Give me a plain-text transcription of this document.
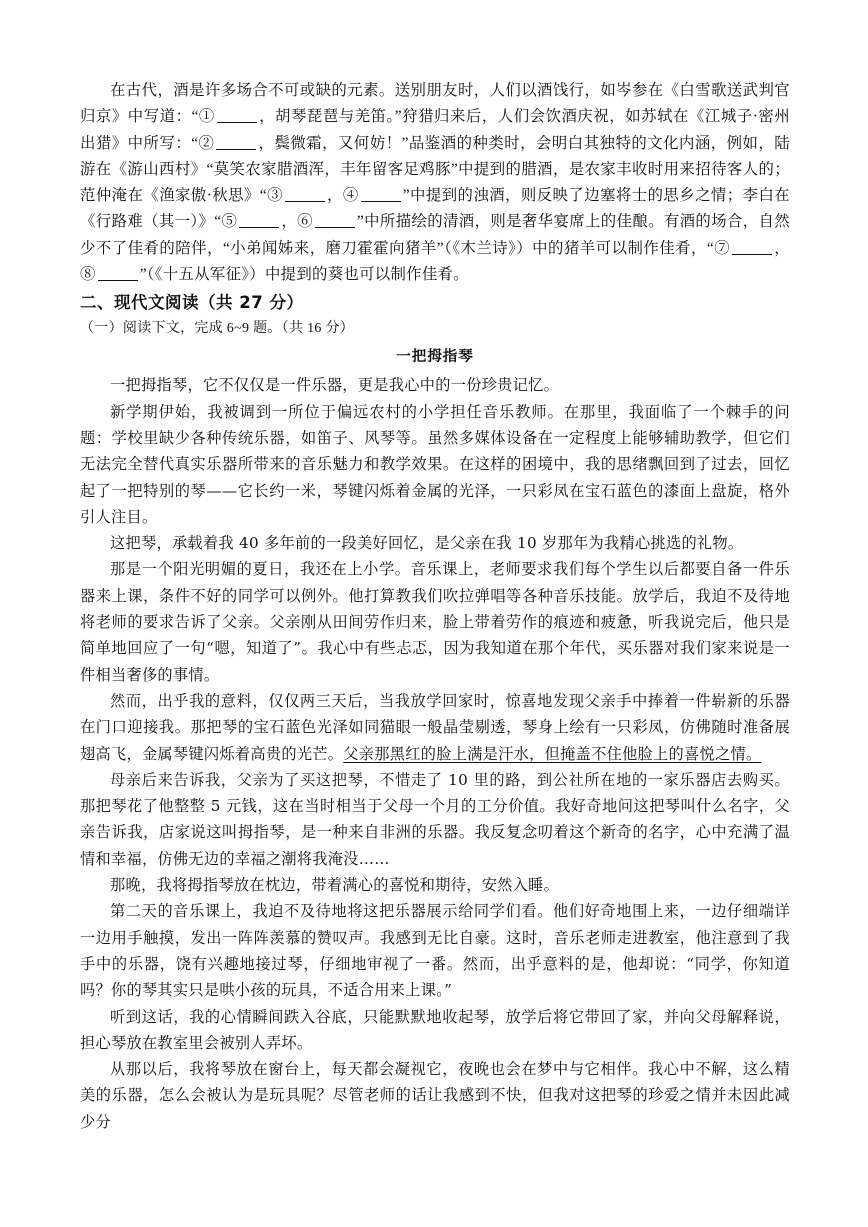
在古代，酒是许多场合不可或缺的元素。送别朋友时，人们以酒饯行，如岑参在《白雪歌送武判官归京》中写道：“①	，胡琴琵琶与羌笛。”狩猎归来后，人们会饮酒庆祝，如苏轼在《江城子·密州出猎》中所写：“②	，鬓微霜，又何妨！”品鉴酒的种类时，会明白其独特的文化内涵，例如，陆游在《游山西村》“莫笑农家腊酒浑，丰年留客足鸡豚”中提到的腊酒，是农家丰收时用来招待客人的；范仲淹在《渔家傲·秋思》“③	，④	”中提到的浊酒，则反映了边塞将士的思乡之情；李白在《行路难（其一）》“⑤	，⑥	”中所描绘的清酒，则是奢华宴席上的佳酿。有酒的场合，自然少不了佳肴的陪伴，“小弟闻姊来，磨刀霍霍向猪羊”（《木兰诗》）中的猪羊可以制作佳肴，“⑦	，⑧	”（《十五从军征》）中提到的葵也可以制作佳肴。

二、现代文阅读（共 27 分）

（一）阅读下文，完成 6~9 题。（共 16 分）

一把拇指琴

一把拇指琴，它不仅仅是一件乐器，更是我心中的一份珍贵记忆。

新学期伊始，我被调到一所位于偏远农村的小学担任音乐教师。在那里，我面临了一个棘手的问题：学校里缺少各种传统乐器，如笛子、风琴等。虽然多媒体设备在一定程度上能够辅助教学，但它们无法完全替代真实乐器所带来的音乐魅力和教学效果。在这样的困境中，我的思绪飘回到了过去，回忆起了一把特别的琴——它长约一米，琴键闪烁着金属的光泽，一只彩凤在宝石蓝色的漆面上盘旋，格外引人注目。

这把琴，承载着我 40 多年前的一段美好回忆，是父亲在我 10 岁那年为我精心挑选的礼物。

那是一个阳光明媚的夏日，我还在上小学。音乐课上，老师要求我们每个学生以后都要自备一件乐器来上课，条件不好的同学可以例外。他打算教我们吹拉弹唱等各种音乐技能。放学后，我迫不及待地将老师的要求告诉了父亲。父亲刚从田间劳作归来，脸上带着劳作的痕迹和疲惫，听我说完后，他只是简单地回应了一句“嗯，知道了”。我心中有些忐忑，因为我知道在那个年代，买乐器对我们家来说是一件相当奢侈的事情。

然而，出乎我的意料，仅仅两三天后，当我放学回家时，惊喜地发现父亲手中捧着一件崭新的乐器在门口迎接我。那把琴的宝石蓝色光泽如同猫眼一般晶莹剔透，琴身上绘有一只彩凤，仿佛随时准备展翅高飞，金属琴键闪烁着高贵的光芒。父亲那黑红的脸上满是汗水，但掩盖不住他脸上的喜悦之情。

母亲后来告诉我，父亲为了买这把琴，不惜走了 10 里的路，到公社所在地的一家乐器店去购买。那把琴花了他整整 5 元钱，这在当时相当于父母一个月的工分价值。我好奇地问这把琴叫什么名字，父亲告诉我，店家说这叫拇指琴，是一种来自非洲的乐器。我反复念叨着这个新奇的名字，心中充满了温情和幸福，仿佛无边的幸福之潮将我淹没……

那晚，我将拇指琴放在枕边，带着满心的喜悦和期待，安然入睡。

第二天的音乐课上，我迫不及待地将这把乐器展示给同学们看。他们好奇地围上来，一边仔细端详一边用手触摸，发出一阵阵羡慕的赞叹声。我感到无比自豪。这时，音乐老师走进教室，他注意到了我手中的乐器，饶有兴趣地接过琴，仔细地审视了一番。然而，出乎意料的是，他却说：“同学，你知道吗？你的琴其实只是哄小孩的玩具，不适合用来上课。”

听到这话，我的心情瞬间跌入谷底，只能默默地收起琴，放学后将它带回了家，并向父母解释说，担心琴放在教室里会被别人弄坏。

从那以后，我将琴放在窗台上，每天都会凝视它，夜晚也会在梦中与它相伴。我心中不解，这么精美的乐器，怎么会被认为是玩具呢？尽管老师的话让我感到不快，但我对这把琴的珍爱之情并未因此减少分
